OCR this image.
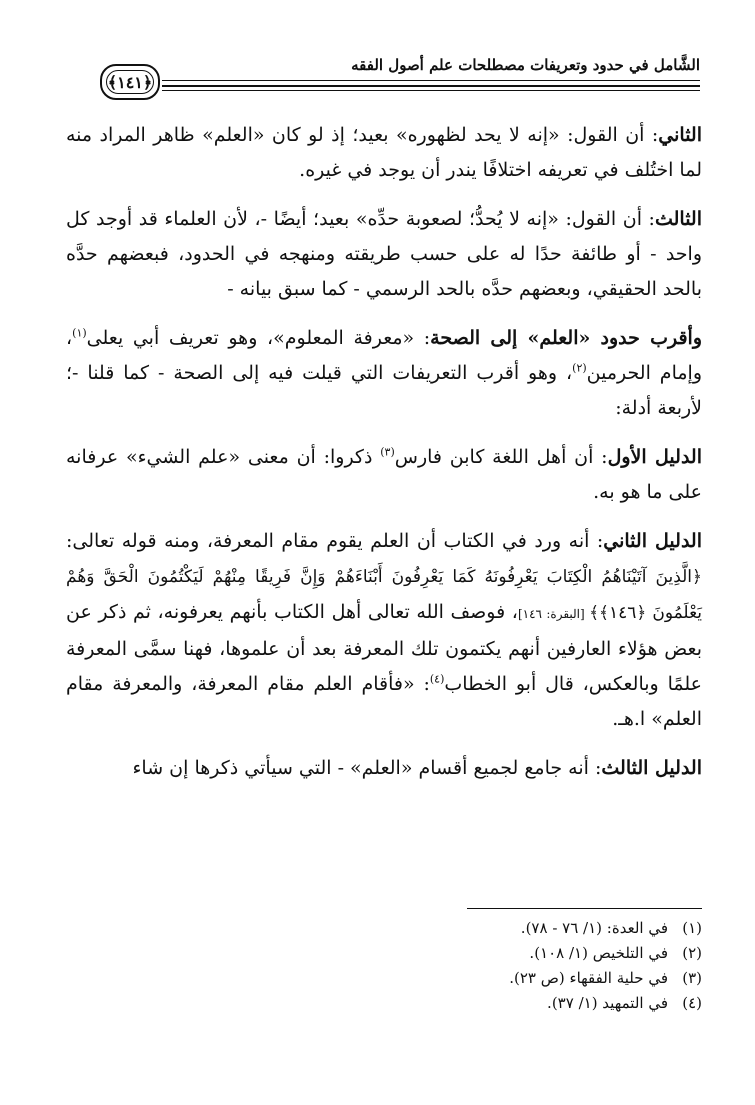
الشَّامل في حدود وتعريفات مصطلحات علم أصول الفقه
﴿١٤١﴾

الثاني: أن القول: «إنه لا يحد لظهوره» بعيد؛ إذ لو كان «العلم» ظاهر المراد منه لما اختُلف في تعريفه اختلافًا يندر أن يوجد في غيره.

الثالث: أن القول: «إنه لا يُحدُّ؛ لصعوبة حدِّه» بعيد؛ أيضًا -، لأن العلماء قد أوجد كل واحد - أو طائفة حدًا له على حسب طريقته ومنهجه في الحدود، فبعضهم حدَّه بالحد الحقيقي، وبعضهم حدَّه بالحد الرسمي - كما سبق بيانه -

وأقرب حدود «العلم» إلى الصحة: «معرفة المعلوم»، وهو تعريف أبي يعلى$^{(١)}$، وإمام الحرمين$^{(٢)}$، وهو أقرب التعريفات التي قيلت فيه إلى الصحة - كما قلنا -؛ لأربعة أدلة:

الدليل الأول: أن أهل اللغة كابن فارس$^{(٣)}$ ذكروا: أن معنى «علم الشيء» عرفانه على ما هو به.

الدليل الثاني: أنه ورد في الكتاب أن العلم يقوم مقام المعرفة، ومنه قوله تعالى: ﴿الَّذِينَ آتَيْنَاهُمُ الْكِتَابَ يَعْرِفُونَهُ كَمَا يَعْرِفُونَ أَبْنَاءَهُمْ وَإِنَّ فَرِيقًا مِنْهُمْ لَيَكْتُمُونَ الْحَقَّ وَهُمْ يَعْلَمُونَ ﴿١٤٦﴾﴾ [البقرة: ١٤٦]، فوصف الله تعالى أهل الكتاب بأنهم يعرفونه، ثم ذكر عن بعض هؤلاء العارفين أنهم يكتمون تلك المعرفة بعد أن علموها، فهنا سمَّى المعرفة علمًا وبالعكس، قال أبو الخطاب$^{(٤)}$: «فأقام العلم مقام المعرفة، والمعرفة مقام العلم» ا.هـ.

الدليل الثالث: أنه جامع لجميع أقسام «العلم» - التي سيأتي ذكرها إن شاء

(١)في العدة: (١/ ٧٦ - ٧٨).

(٢)في التلخيص (١/ ١٠٨).

(٣)في حلية الفقهاء (ص ٢٣).

(٤)في التمهيد (١/ ٣٧).
